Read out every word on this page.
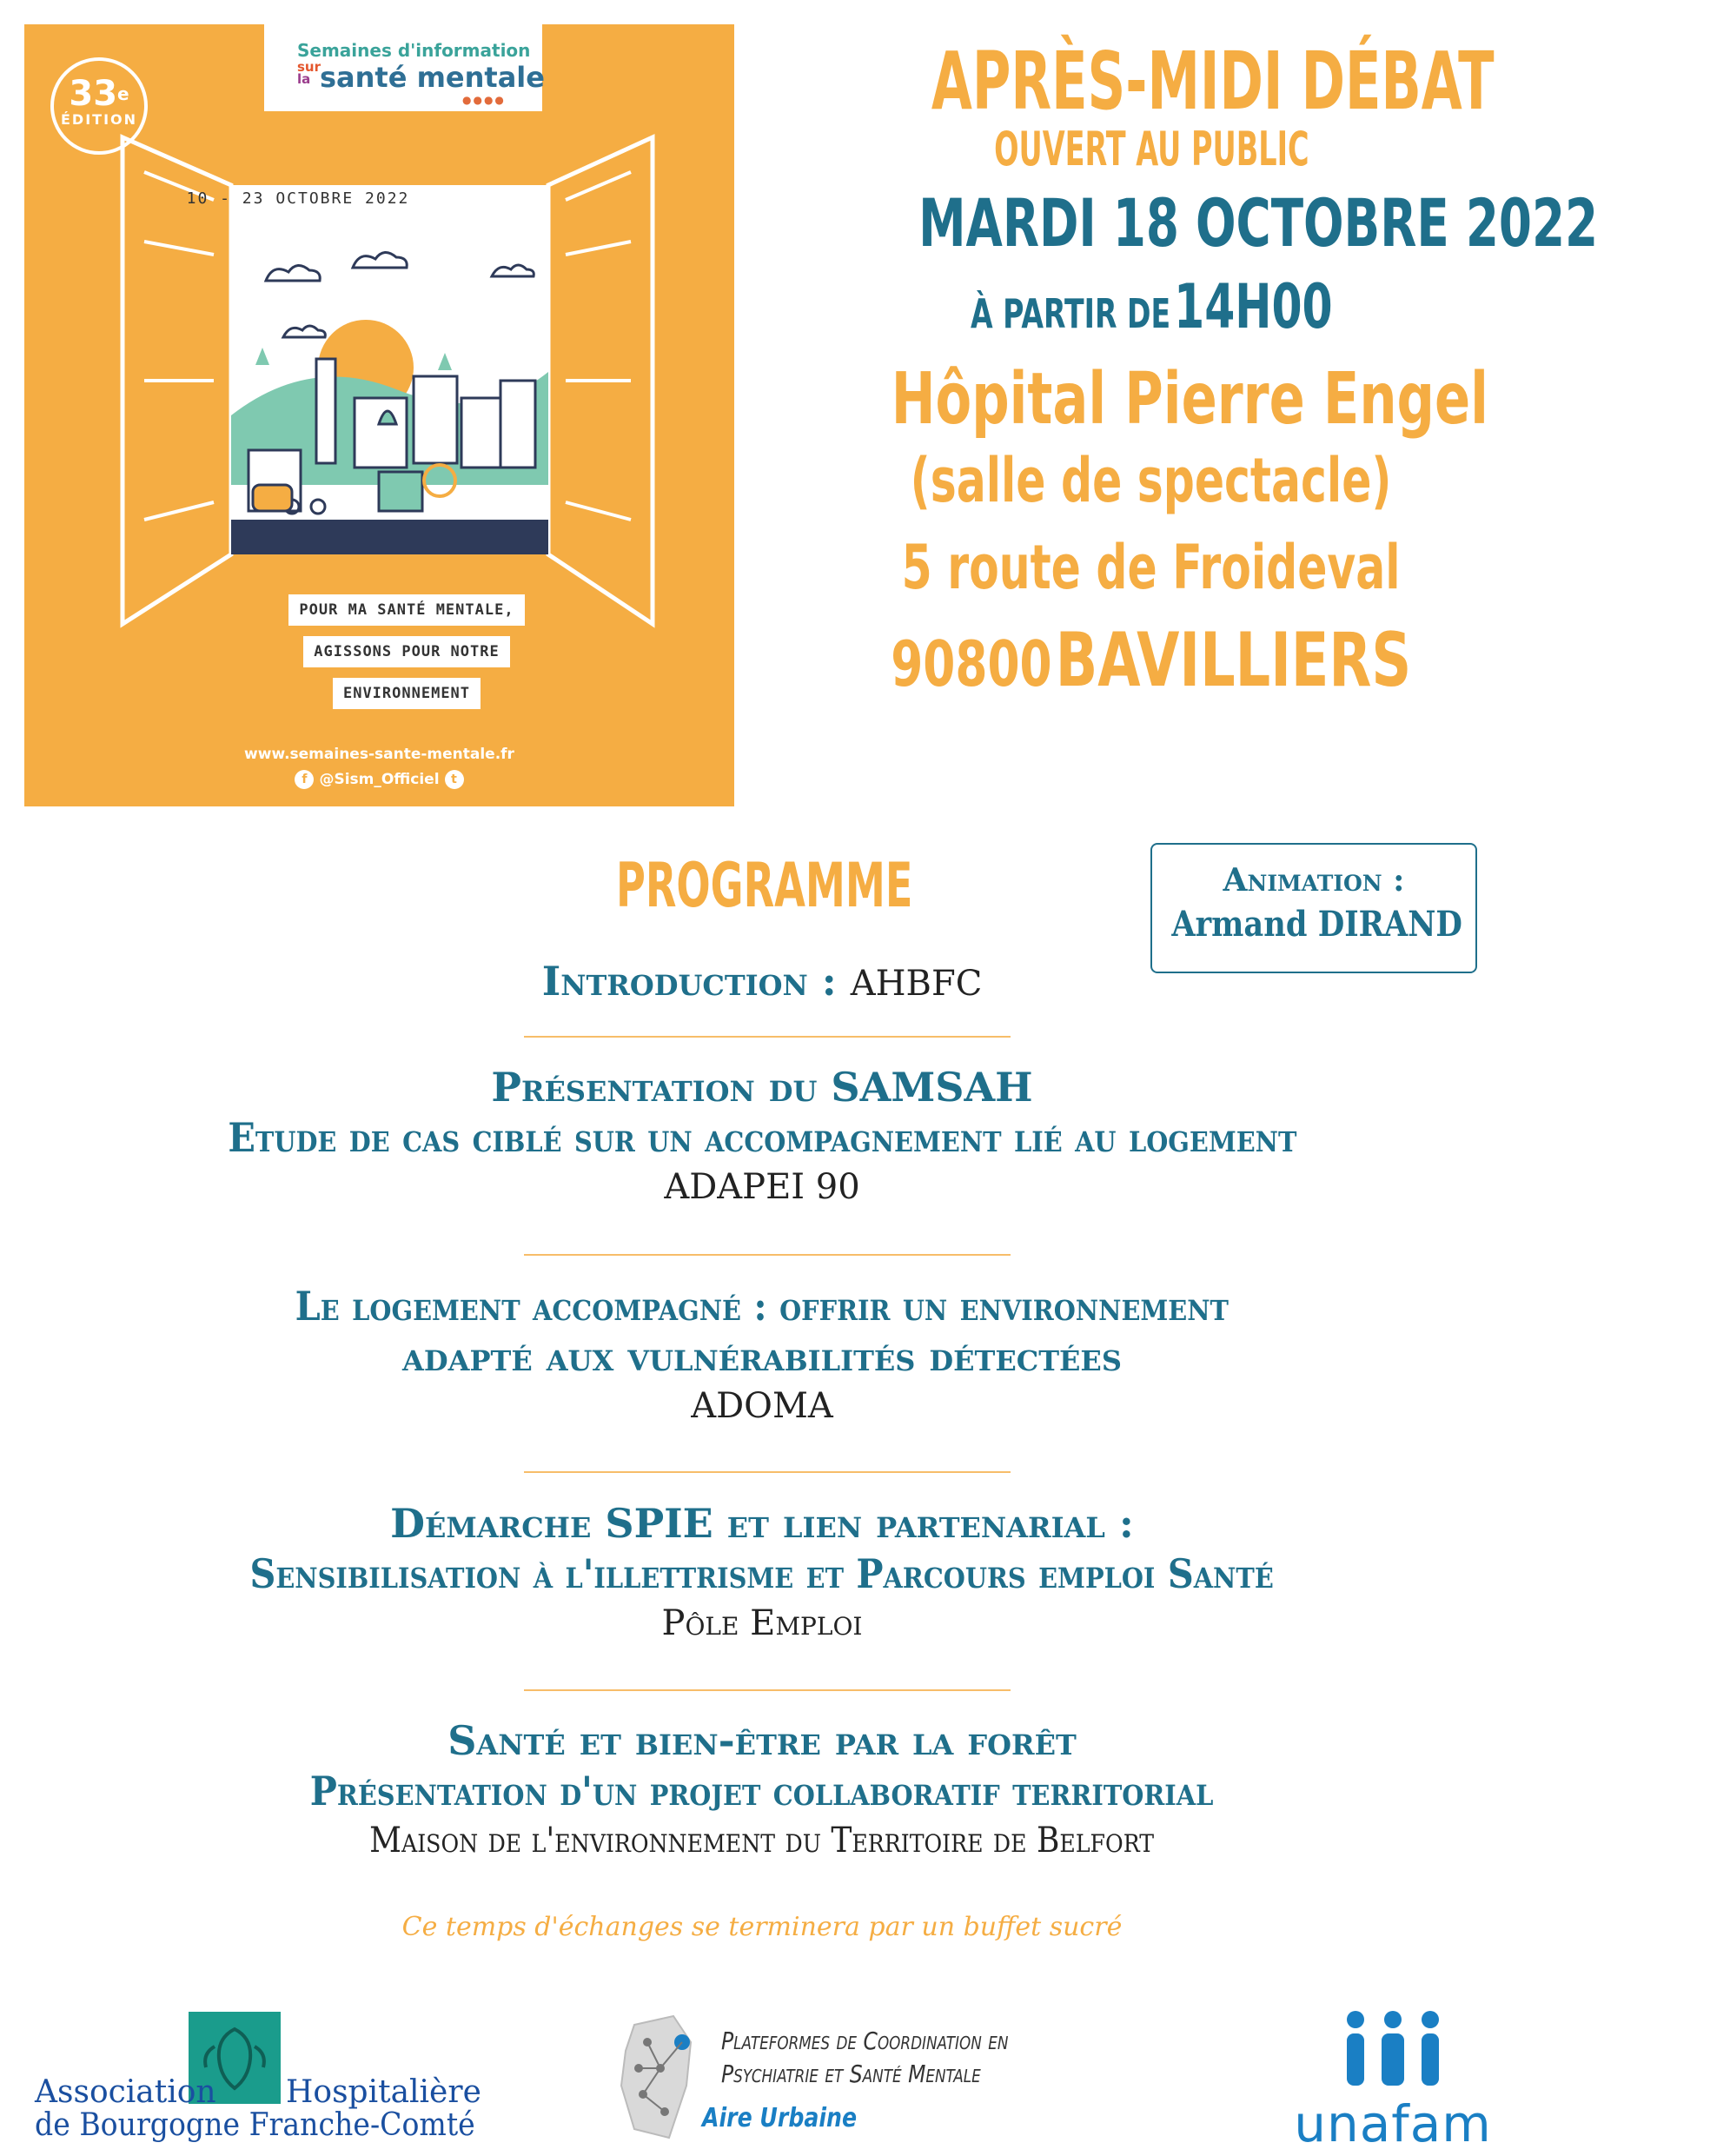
Semaines d'information
sur
la santé mentale
●●●●
33e
ÉDITION
10 - 23 OCTOBRE 2022
POUR MA SANTÉ MENTALE,
AGISSONS POUR NOTRE
ENVIRONNEMENT
www.semaines-sante-mentale.fr
f @Sism_Officiel t
APRÈS-MIDI DÉBAT
OUVERT AU PUBLIC
MARDI 18 OCTOBRE 2022
À PARTIR DE 14H00
Hôpital Pierre Engel
(salle de spectacle)
5 route de Froideval
90800 BAVILLIERS
PROGRAMME	Animation :
Armand DIRAND
Introduction : AHBFC
Présentation du SAMSAH
Etude de cas ciblé sur un accompagnement lié au logement
ADAPEI 90
Le logement accompagné : offrir un environnement
adapté aux vulnérabilités détectées
ADOMA
Démarche SPIE et lien partenarial :
Sensibilisation à l'illettrisme et Parcours emploi Santé
Pôle Emploi
Santé et bien-être par la forêt
Présentation d'un projet collaboratif territorial
Maison de l'environnement du Territoire de Belfort
Ce temps d'échanges se terminera par un buffet sucré
Association Hospitalière
de Bourgogne Franche-Comté
Plateformes de Coordination en
Psychiatrie et Santé Mentale
Aire Urbaine	unafam
